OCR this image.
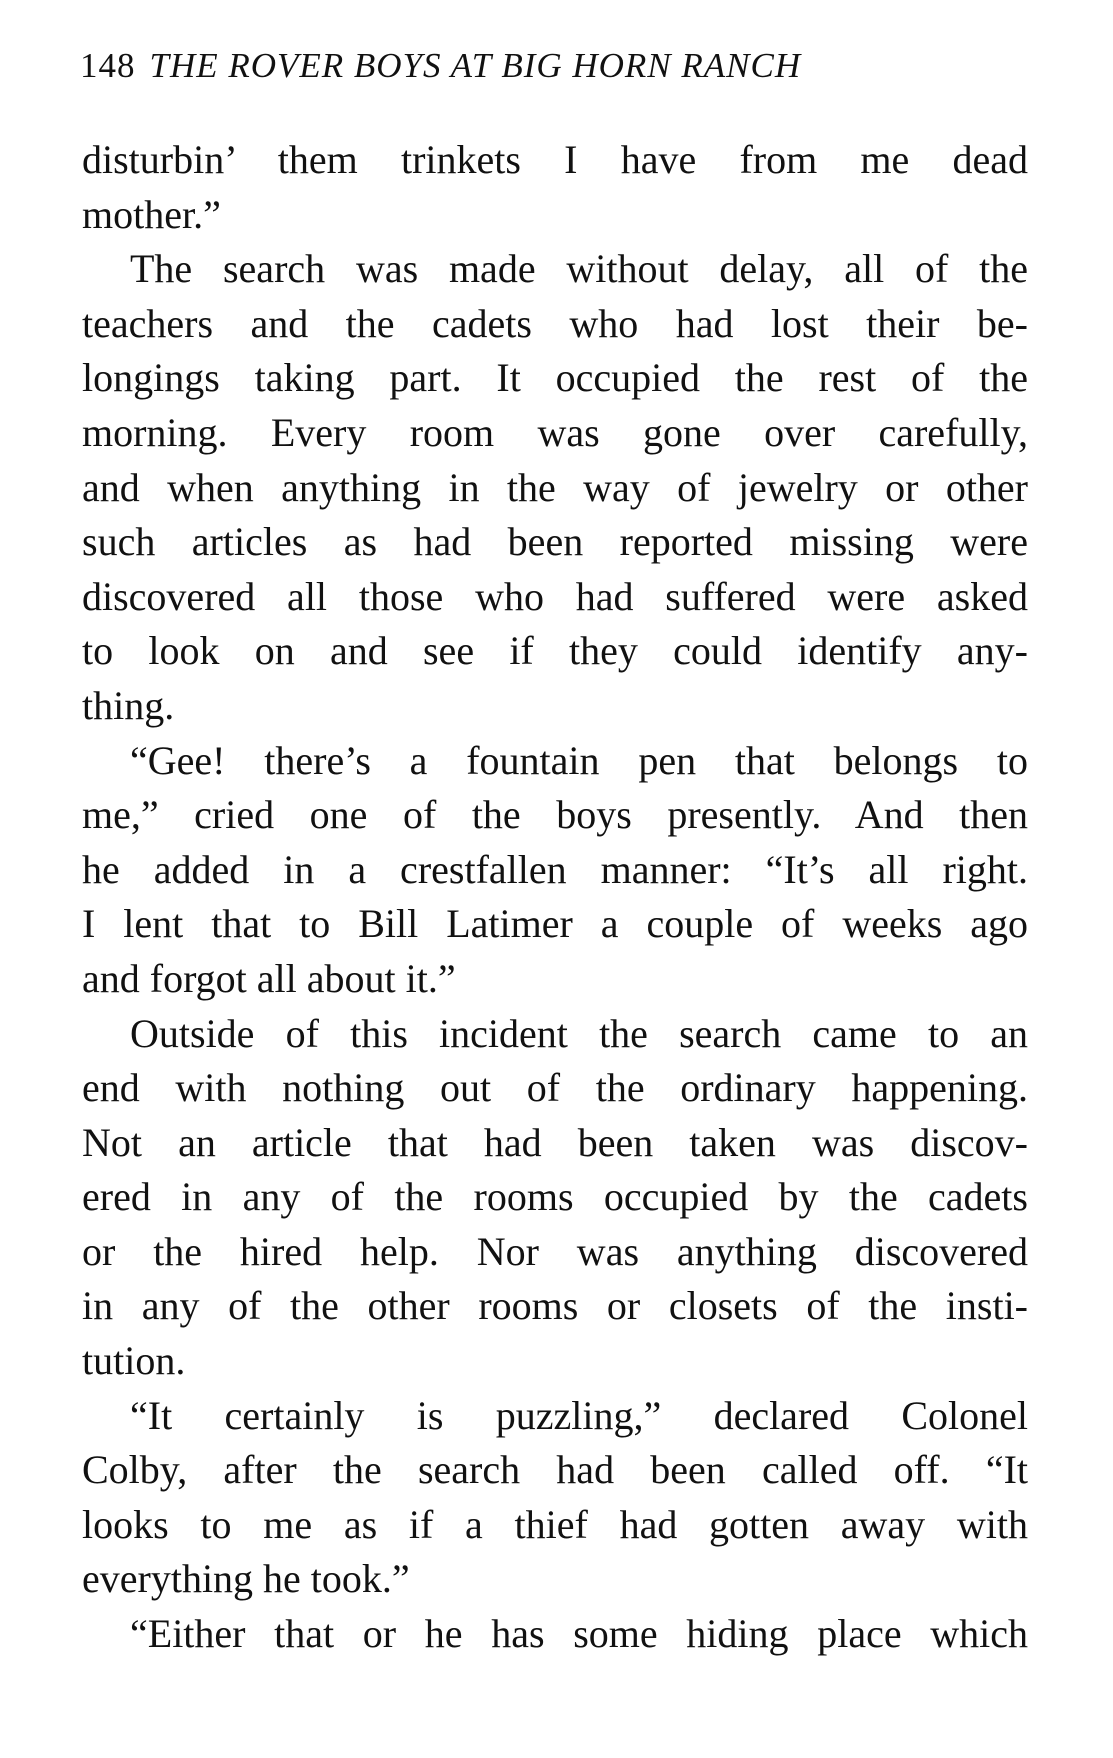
148 THE ROVER BOYS AT BIG HORN RANCH
disturbin’ them trinkets I have from me dead
mother.”
The search was made without delay, all of the
teachers and the cadets who had lost their be-
longings taking part. It occupied the rest of the
morning. Every room was gone over carefully,
and when anything in the way of jewelry or other
such articles as had been reported missing were
discovered all those who had suffered were asked
to look on and see if they could identify any-
thing.
“Gee! there’s a fountain pen that belongs to
me,” cried one of the boys presently. And then
he added in a crestfallen manner: “It’s all right.
I lent that to Bill Latimer a couple of weeks ago
and forgot all about it.”
Outside of this incident the search came to an
end with nothing out of the ordinary happening.
Not an article that had been taken was discov-
ered in any of the rooms occupied by the cadets
or the hired help. Nor was anything discovered
in any of the other rooms or closets of the insti-
tution.
“It certainly is puzzling,” declared Colonel
Colby, after the search had been called off. “It
looks to me as if a thief had gotten away with
everything he took.”
“Either that or he has some hiding place which
